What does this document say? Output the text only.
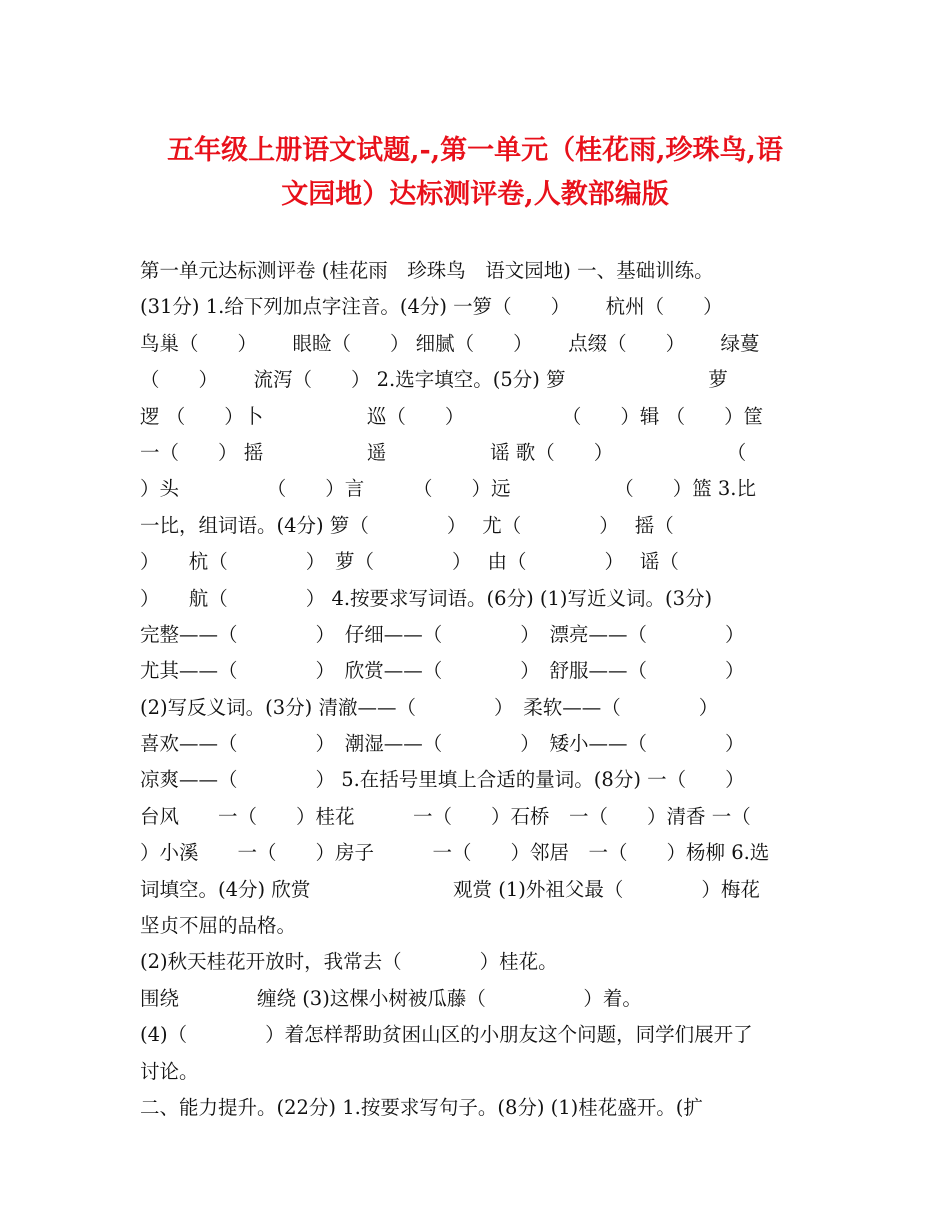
五年级上册语文试题,-,第一单元（桂花雨,珍珠鸟,语
文园地）达标测评卷,人教部编版
第一单元达标测评卷 (桂花雨　珍珠鸟　语文园地) 一、基础训练。
(31分) 1.给下列加点字注音。(4分) 一箩（　　）　　 杭州（　　）
鸟巢（　　）　　 眼睑（　　） 细腻（　　）　　 点缀（　　）　　 绿蔓
（　　）　　 流泻（　　） 2.选字填空。(5分) 箩　　　　　　　 萝
逻 （　　）卜　　　　　 巡（　　）　　　　　　（　　）辑 （　　）筐
一（　　） 摇　　　　　 遥　　　　　 谣 歌（　　）　　　　　　 （
）头　　　　　（　　）言　　　（　　）远　　　　　 （　　）篮 3.比
一比，组词语。(4分) 箩（　　　　）　 尤（　　　　）　 摇（
）　　杭（　　　　）　萝（　　　　）　 由（　　　　）　 谣（
）　　航（　　　　） 4.按要求写词语。(6分) (1)写近义词。(3分)
完整——（　　　　）　仔细——（　　　　）　漂亮——（　　　　）
尤其——（　　　　）　欣赏——（　　　　）　舒服——（　　　　）
(2)写反义词。(3分) 清澈——（　　　　）　柔软——（　　　　）
喜欢——（　　　　）　潮湿——（　　　　）　矮小——（　　　　）
凉爽——（　　　　） 5.在括号里填上合适的量词。(8分) 一（　　）
台风　　一（　　）桂花　　　一（　　）石桥　一（　　）清香 一（
）小溪　　一（　　）房子　　　一（　　）邻居　一（　　）杨柳 6.选
词填空。(4分) 欣赏　　　　　　　 观赏 (1)外祖父最（　　　　）梅花
坚贞不屈的品格。
(2)秋天桂花开放时，我常去（　　　　）桂花。
围绕　　　　缠绕 (3)这棵小树被瓜藤（　　　　　）着。
(4)（　　　　）着怎样帮助贫困山区的小朋友这个问题，同学们展开了
讨论。
二、能力提升。(22分) 1.按要求写句子。(8分) (1)桂花盛开。(扩
